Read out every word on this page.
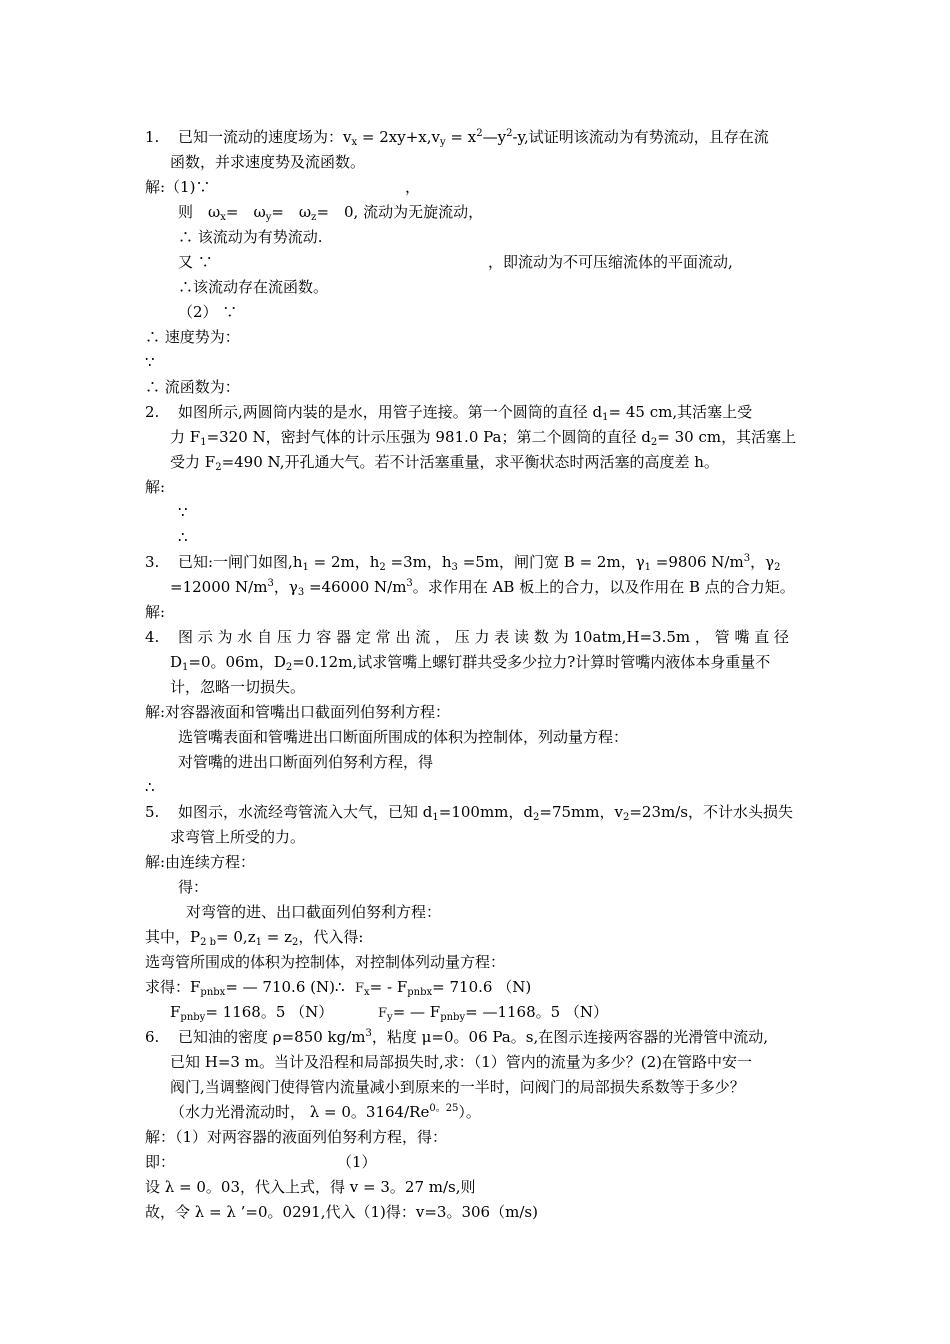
1. 已知一流动的速度场为：$v_x = 2xy+x,v_y$ = $x^2—y^2-y$,试证明该流动为有势流动，且存在流
函数，并求速度势及流函数。
解:（1)∵	，
则　$\omega_x=$　$\omega_y=$　$\omega_z=$　0, 流动为无旋流动，
∴ 该流动为有势流动.
又 ∵	，即流动为不可压缩流体的平面流动,
∴该流动存在流函数。
（2） ∵
∴ 速度势为：
∵
∴ 流函数为：
2. 如图所示,两圆筒内装的是水，用管子连接。第一个圆筒的直径 $d_1= 45$ cm,其活塞上受
力 $F_1=320$ N，密封气体的计示压强为 981.0 Pa；第二个圆筒的直径 $d_2= 30$ cm，其活塞上
受力 $F_2=490$ N,开孔通大气。若不计活塞重量，求平衡状态时两活塞的高度差 h。
解:
∵
∴
3. 已知:一闸门如图$,h_1 = 2m$，$h_2 =3m$，$h_3 =5m$，闸门宽 B = 2m，$\gamma_1 =9806$ $N/m^3$，$\gamma_2$
=12000 $N/m^3$，$\gamma_3 =46000$ $N/m^3$。求作用在 AB 板上的合力，以及作用在 B 点的合力矩。
解:
4. 图 示 为 水 自 压 力 容 器 定 常 出 流 ， 压 力 表 读 数 为 10atm,H=3.5m ， 管 嘴 直 径
$D_1=0$。06m，$D_2=0.12m$,试求管嘴上螺钉群共受多少拉力?计算时管嘴内液体本身重量不
计，忽略一切损失。
解:对容器液面和管嘴出口截面列伯努利方程：
选管嘴表面和管嘴进出口断面所围成的体积为控制体，列动量方程：
对管嘴的进出口断面列伯努利方程，得
∴
5. 如图示，水流经弯管流入大气，已知 $d_1=100mm$，$d_2=75mm$，$v_2=23m/s$，不计水头损失
求弯管上所受的力。
解:由连续方程：
得：
对弯管的进、出口截面列伯努利方程：
其中，$P_{2 b}= 0,z_1 = z_2$，代入得:
选弯管所围成的体积为控制体，对控制体列动量方程：
求得：$F_{pnbx}=$ — 710.6 (N)∴ $F_x= - F_{pnbx}= 710.6$ （N)
$F_{pnby}= 1168$。5 （N）	$F_y=$ — $F_{pnby}=$ —1168。5 （N）
6. 已知油的密度 ρ=850 $kg/m^3$，粘度 μ=0。06 Pa。s,在图示连接两容器的光滑管中流动,
已知 H=3 m。当计及沿程和局部损失时,求：（1）管内的流量为多少？(2)在管路中安一
阀门,当调整阀门使得管内流量减小到原来的一半时，问阀门的局部损失系数等于多少？
（水力光滑流动时， λ = 0。$3164/Re^{0。25}$）。
解：（1）对两容器的液面列伯努利方程，得：
即：	（1）
设 λ = 0。03，代入上式，得 v = 3。27 m/s,则
故，令 λ = λ ’=0。0291,代入（1)得：v=3。306（m/s)
